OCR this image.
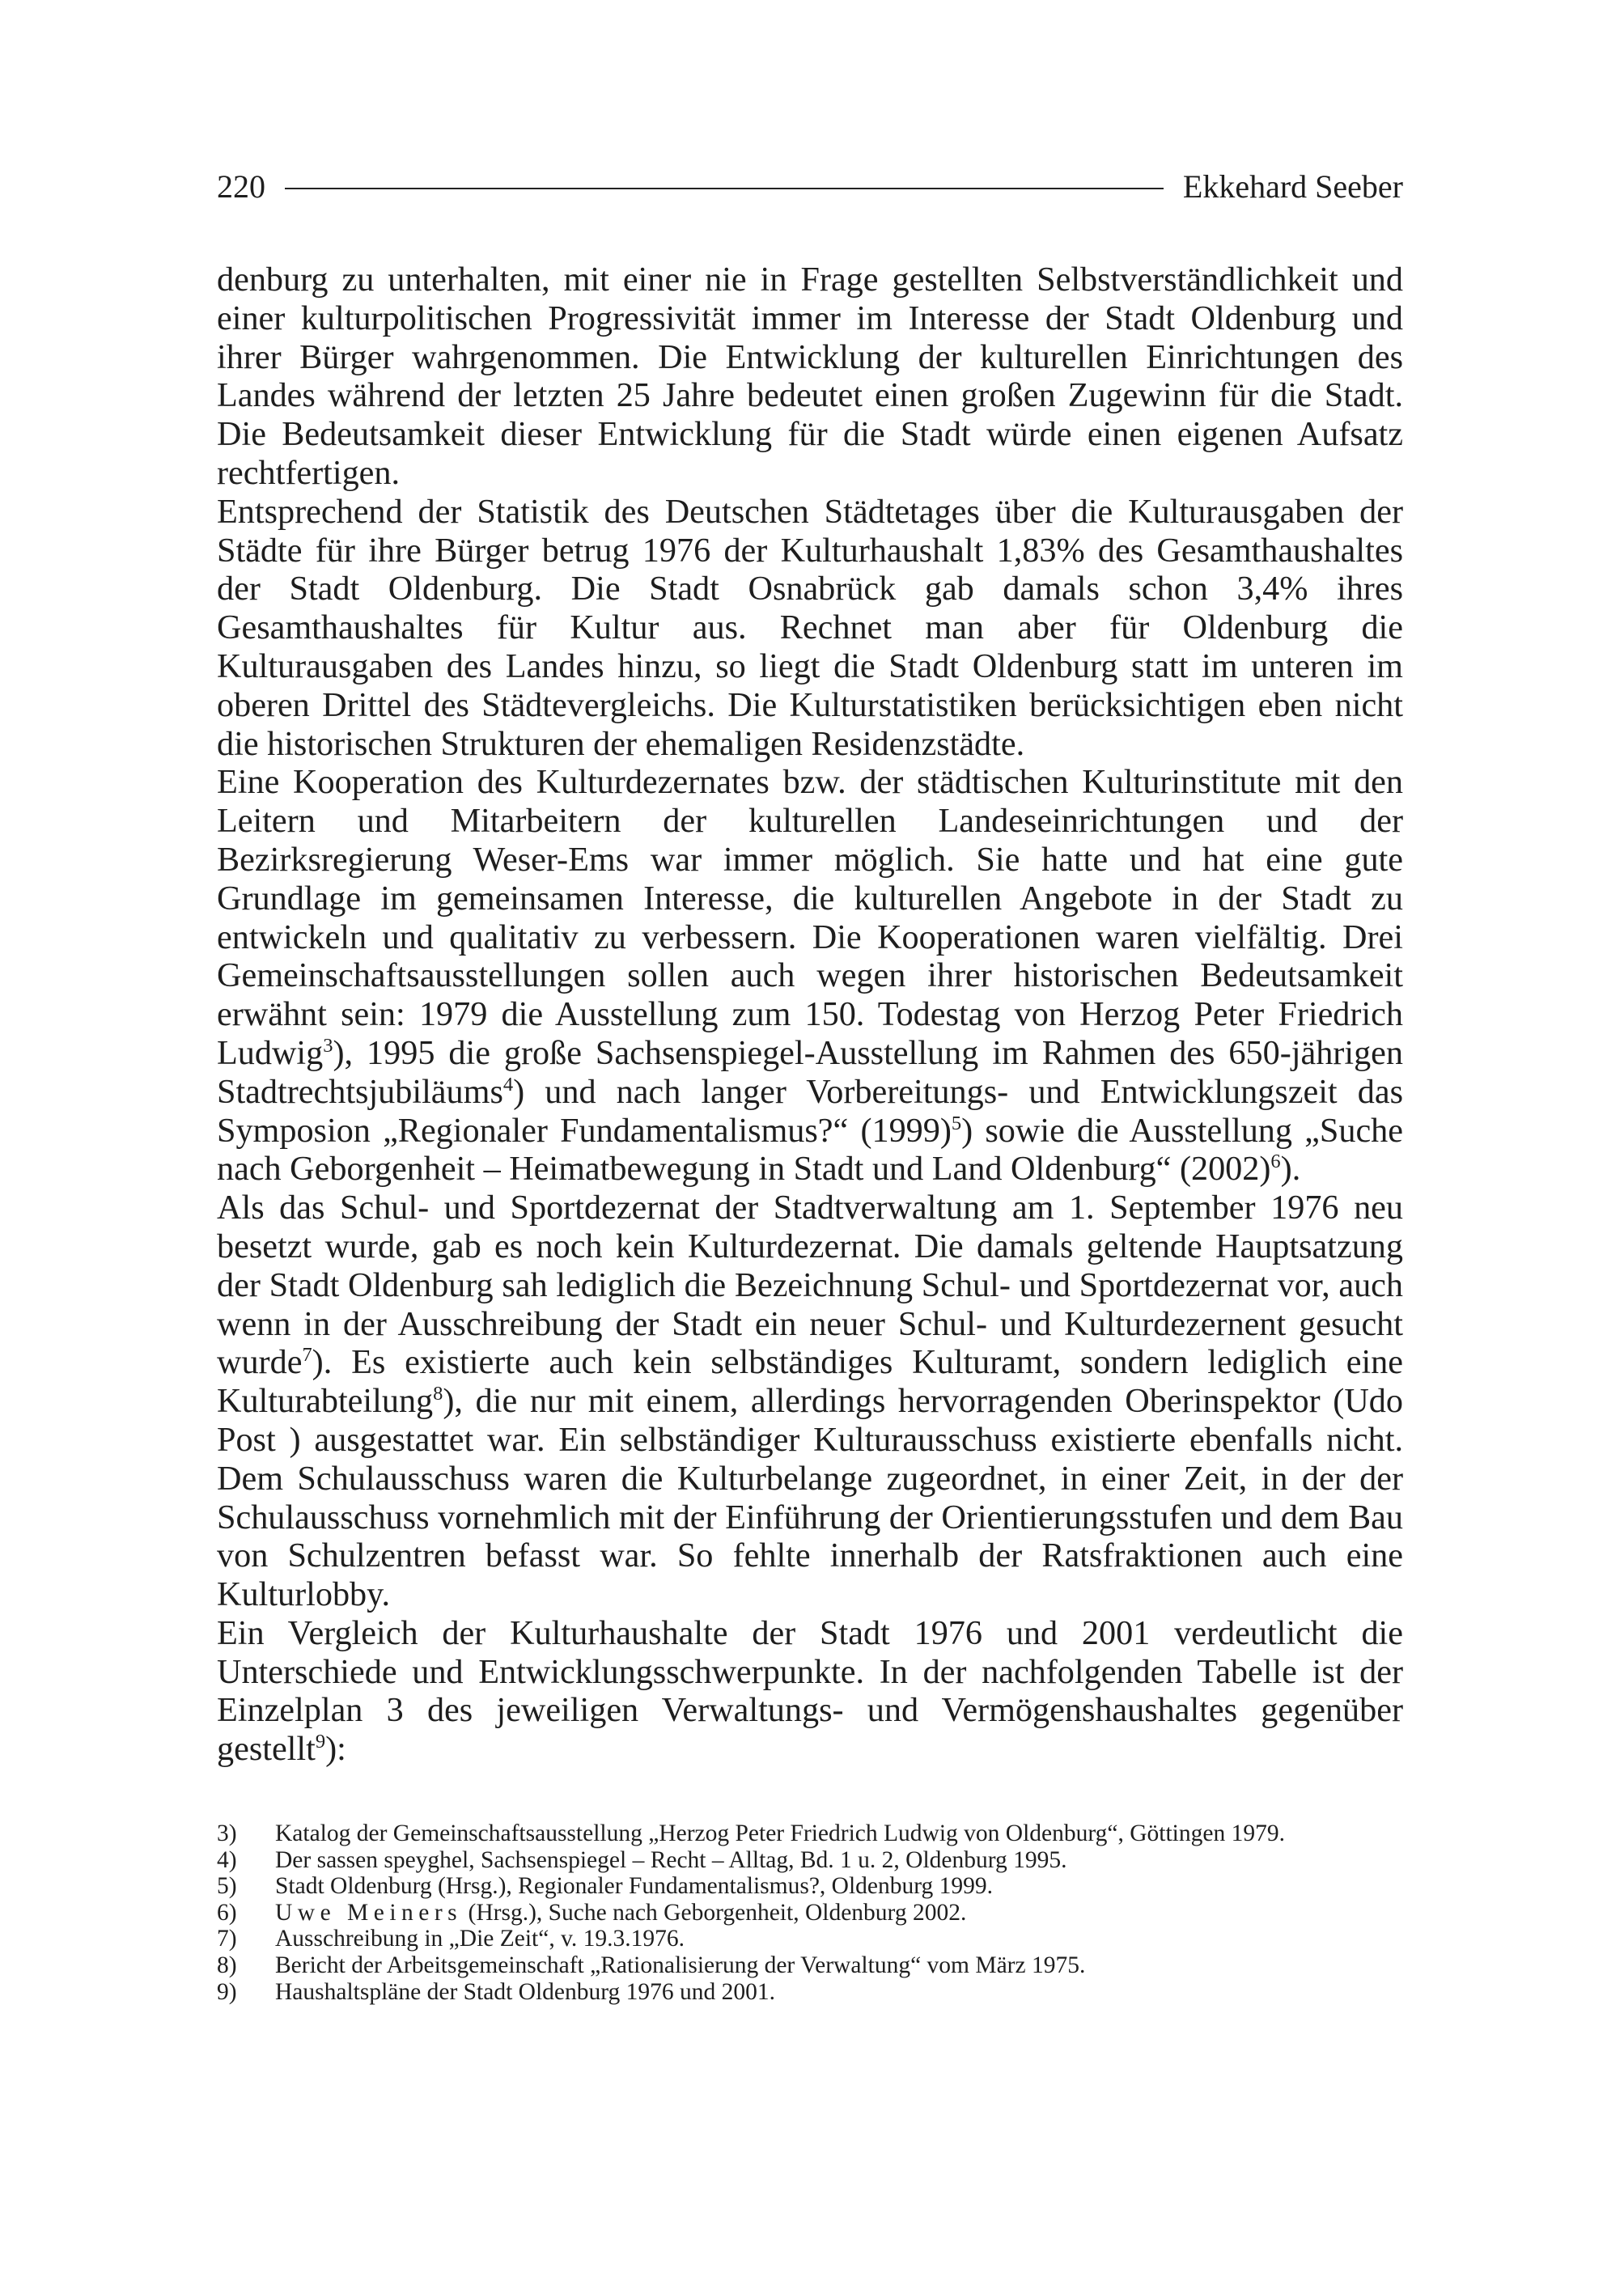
220	Ekkehard Seeber

denburg zu unterhalten, mit einer nie in Frage gestellten Selbstverständlichkeit und einer kulturpolitischen Progressivität immer im Interesse der Stadt Oldenburg und ihrer Bürger wahrgenommen. Die Entwicklung der kulturellen Einrichtungen des Landes während der letzten 25 Jahre bedeutet einen großen Zugewinn für die Stadt. Die Bedeutsamkeit dieser Entwicklung für die Stadt würde einen eigenen Aufsatz rechtfertigen.

Entsprechend der Statistik des Deutschen Städtetages über die Kulturausgaben der Städte für ihre Bürger betrug 1976 der Kulturhaushalt 1,83% des Gesamthaushaltes der Stadt Oldenburg. Die Stadt Osnabrück gab damals schon 3,4% ihres Gesamthaushaltes für Kultur aus. Rechnet man aber für Oldenburg die Kulturausgaben des Landes hinzu, so liegt die Stadt Oldenburg statt im unteren im oberen Drittel des Städtevergleichs. Die Kulturstatistiken berücksichtigen eben nicht die historischen Strukturen der ehemaligen Residenzstädte.

Eine Kooperation des Kulturdezernates bzw. der städtischen Kulturinstitute mit den Leitern und Mitarbeitern der kulturellen Landeseinrichtungen und der Bezirksregierung Weser-Ems war immer möglich. Sie hatte und hat eine gute Grundlage im gemeinsamen Interesse, die kulturellen Angebote in der Stadt zu entwickeln und qualitativ zu verbessern. Die Kooperationen waren vielfältig. Drei Gemeinschaftsausstellungen sollen auch wegen ihrer historischen Bedeutsamkeit erwähnt sein: 1979 die Ausstellung zum 150. Todestag von Herzog Peter Friedrich Ludwig$^3$), 1995 die große Sachsenspiegel-Ausstellung im Rahmen des 650-jährigen Stadtrechtsjubiläums$^4$) und nach langer Vorbereitungs- und Entwicklungszeit das Symposion „Regionaler Fundamentalismus?“ $(1999)^5$) sowie die Ausstellung „Suche nach Geborgenheit – Heimatbewegung in Stadt und Land Oldenburg“ $(2002)^6$).

Als das Schul- und Sportdezernat der Stadtverwaltung am 1. September 1976 neu besetzt wurde, gab es noch kein Kulturdezernat. Die damals geltende Hauptsatzung der Stadt Oldenburg sah lediglich die Bezeichnung Schul- und Sportdezernat vor, auch wenn in der Ausschreibung der Stadt ein neuer Schul- und Kulturdezernent gesucht wurde$^7$). Es existierte auch kein selbständiges Kulturamt, sondern lediglich eine Kulturabteilung$^8$), die nur mit einem, allerdings hervorragenden Oberinspektor (Udo Post ) ausgestattet war. Ein selbständiger Kulturausschuss existierte ebenfalls nicht. Dem Schulausschuss waren die Kulturbelange zugeordnet, in einer Zeit, in der der Schulausschuss vornehmlich mit der Einführung der Orientierungsstufen und dem Bau von Schulzentren befasst war. So fehlte innerhalb der Ratsfraktionen auch eine Kulturlobby.

Ein Vergleich der Kulturhaushalte der Stadt 1976 und 2001 verdeutlicht die Unterschiede und Entwicklungsschwerpunkte. In der nachfolgenden Tabelle ist der Einzelplan 3 des jeweiligen Verwaltungs- und Vermögenshaushaltes gegenüber gestellt$^9$):

3)	Katalog der Gemeinschaftsausstellung „Herzog Peter Friedrich Ludwig von Oldenburg“, Göttingen 1979.
4)	Der sassen speyghel, Sachsenspiegel – Recht – Alltag, Bd. 1 u. 2, Oldenburg 1995.
5)	Stadt Oldenburg (Hrsg.), Regionaler Fundamentalismus?, Oldenburg 1999.
6)	Uwe Meiners (Hrsg.), Suche nach Geborgenheit, Oldenburg 2002.
7)	Ausschreibung in „Die Zeit“, v. 19.3.1976.
8)	Bericht der Arbeitsgemeinschaft „Rationalisierung der Verwaltung“ vom März 1975.
9)	Haushaltspläne der Stadt Oldenburg 1976 und 2001.
